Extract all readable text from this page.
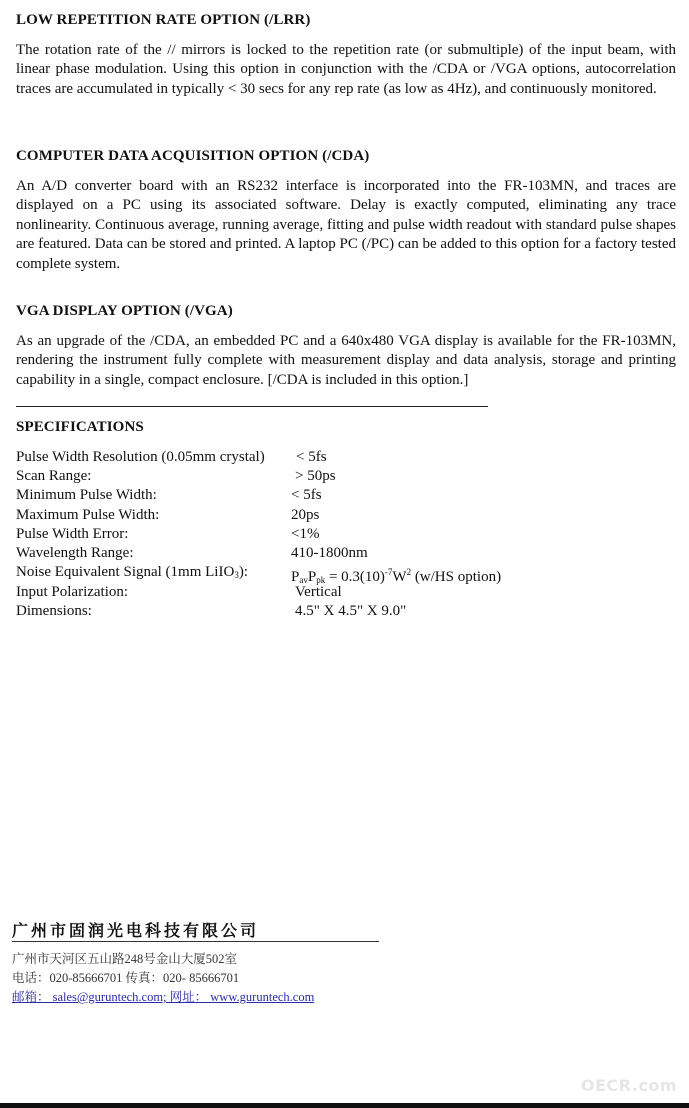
LOW REPETITION RATE OPTION (/LRR)

The rotation rate of the // mirrors is locked to the repetition rate (or submultiple) of the input beam, with linear phase modulation. Using this option in conjunction with the /CDA or /VGA options, autocorrelation traces are accumulated in typically < 30 secs for any rep rate (as low as 4Hz), and continuously monitored.

COMPUTER DATA ACQUISITION OPTION (/CDA)

An A/D converter board with an RS232 interface is incorporated into the FR-103MN, and traces are displayed on a PC using its associated software. Delay is exactly computed, eliminating any trace nonlinearity. Continuous average, running average, fitting and pulse width readout with standard pulse shapes are featured. Data can be stored and printed. A laptop PC (/PC) can be added to this option for a factory tested complete system.

VGA DISPLAY OPTION (/VGA)

As an upgrade of the /CDA, an embedded PC and a 640x480 VGA display is available for the FR-103MN, rendering the instrument fully complete with measurement display and data analysis, storage and printing capability in a single, compact enclosure. [/CDA is included in this option.]

SPECIFICATIONS
Pulse Width Resolution (0.05mm crystal) < 5fs
Scan Range:	> 50ps
Minimum Pulse Width:	< 5fs
Maximum Pulse Width:	20ps
Pulse Width Error:	<1%
Wavelength Range:	410-1800nm
Noise Equivalent Signal (1mm LiIO$_3$):	$P_{av}P_{pk} = 0.3(10)^{-7}W^2$ (w/HS option)
Input Polarization:	Vertical
Dimensions:	4.5" X 4.5" X 9.0"
广州市固润光电科技有限公司
广州市天河区五山路248号金山大厦502室
电话：020-85666701 传真：020- 85666701
邮箱： sales@guruntech.com; 网址： www.guruntech.com
OECR.com
